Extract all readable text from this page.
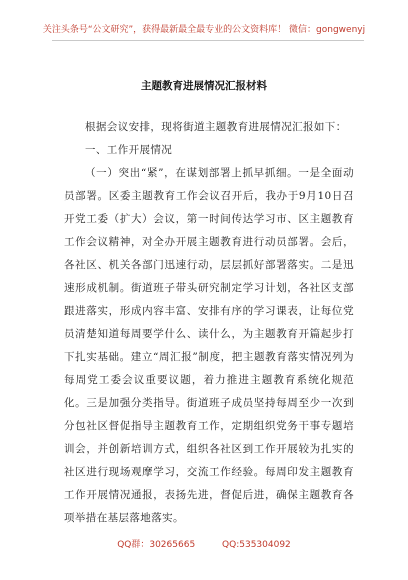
关注头条号“公文研究”，获得最新最全最专业的公文资料库！ 微信：gongwenyj
主题教育进展情况汇报材料

根据会议安排，现将街道主题教育进展情况汇报如下：

一、工作开展情况

（一）突出“紧”，在谋划部署上抓早抓细。一是全面动员部署。区委主题教育工作会议召开后，我办于9月10日召开党工委（扩大）会议，第一时间传达学习市、区主题教育工作会议精神，对全办开展主题教育进行动员部署。会后，各社区、机关各部门迅速行动，层层抓好部署落实。二是迅速形成机制。街道班子带头研究制定学习计划，各社区支部跟进落实，形成内容丰富、安排有序的学习课表，让每位党员清楚知道每周要学什么、读什么，为主题教育开篇起步打下扎实基础。建立“周汇报”制度，把主题教育落实情况列为每周党工委会议重要议题，着力推进主题教育系统化规范化。三是加强分类指导。街道班子成员坚持每周至少一次到分包社区督促指导主题教育工作，定期组织党务干事专题培训会，并创新培训方式，组织各社区到工作开展较为扎实的社区进行现场观摩学习，交流工作经验。每周印发主题教育工作开展情况通报，表扬先进，督促后进，确保主题教育各项举措在基层落地落实。

QQ群：30265665	QQ:535304092
